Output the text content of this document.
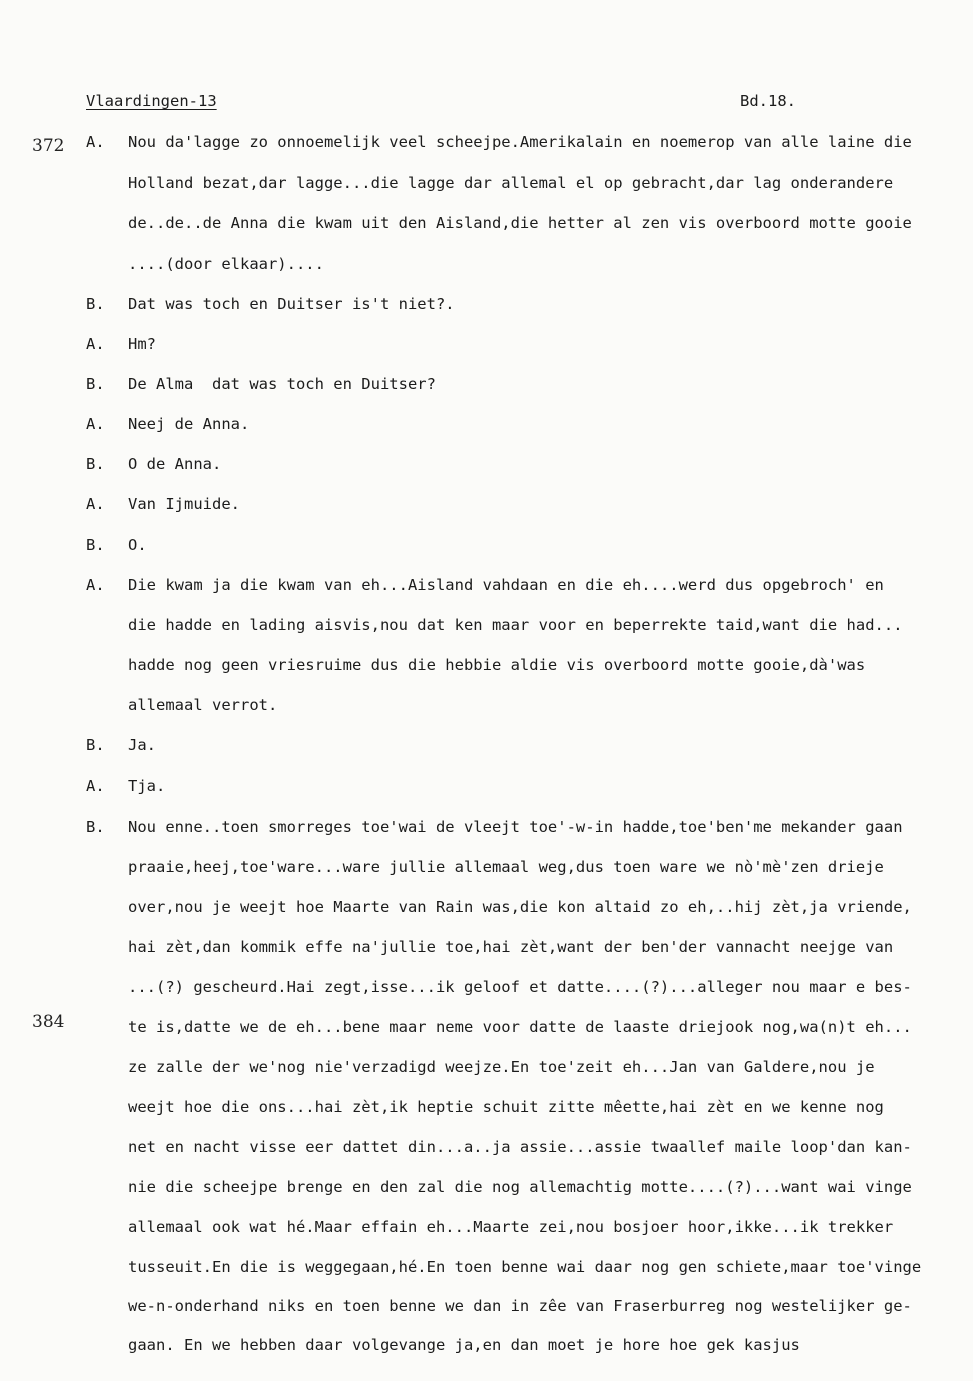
Vlaardingen-13	Bd.18.
372
384
A. Nou da'lagge zo onnoemelijk veel scheejpe.Amerikalain en noemerop van alle laine die
Holland bezat,dar lagge...die lagge dar allemal el op gebracht,dar lag onderandere
de..de..de Anna die kwam uit den Aisland,die hetter al zen vis overboord motte gooie
....(door elkaar)....
B. Dat was toch en Duitser is't niet?.
A. Hm?
B. De Alma  dat was toch en Duitser?
A. Neej de Anna.
B. O de Anna.
A. Van Ijmuide.
B. O.
A. Die kwam ja die kwam van eh...Aisland vahdaan en die eh....werd dus opgebroch' en
die hadde en lading aisvis,nou dat ken maar voor en beperrekte taid,want die had...
hadde nog geen vriesruime dus die hebbie aldie vis overboord motte gooie,dà'was
allemaal verrot.
B. Ja.
A. Tja.
B. Nou enne..toen smorreges toe'wai de vleejt toe'-w-in hadde,toe'ben'me mekander gaan
praaie,heej,toe'ware...ware jullie allemaal weg,dus toen ware we nò'mè'zen drieje
over,nou je weejt hoe Maarte van Rain was,die kon altaid zo eh,..hij zèt,ja vriende,
hai zèt,dan kommik effe na'jullie toe,hai zèt,want der ben'der vannacht neejge van
...(?) gescheurd.Hai zegt,isse...ik geloof et datte....(?)...alleger nou maar e bes-
te is,datte we de eh...bene maar neme voor datte de laaste driejook nog,wa(n)t eh...
ze zalle der we'nog nie'verzadigd weejze.En toe'zeit eh...Jan van Galdere,nou je
weejt hoe die ons...hai zèt,ik heptie schuit zitte mêette,hai zèt en we kenne nog
net en nacht visse eer dattet din...a..ja assie...assie twaallef maile loop'dan kan-
nie die scheejpe brenge en den zal die nog allemachtig motte....(?)...want wai vinge
allemaal ook wat hé.Maar effain eh...Maarte zei,nou bosjoer hoor,ikke...ik trekker
tusseuit.En die is weggegaan,hé.En toen benne wai daar nog gen schiete,maar toe'vinge
we-n-onderhand niks en toen benne we dan in zêe van Fraserburreg nog westelijker ge-
gaan. En we hebben daar volgevange ja,en dan moet je hore hoe gek kasjus
